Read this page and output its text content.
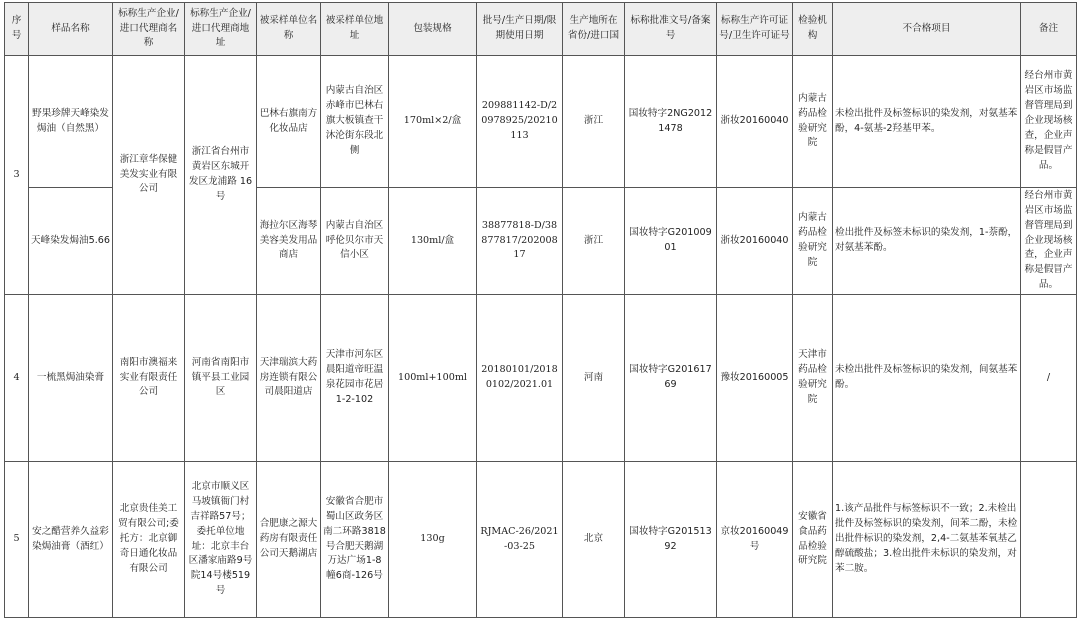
序号	样品名称	标称生产企业/进口代理商名称	标称生产企业/进口代理商地址	被采样单位名称	被采样单位地址	包装规格	批号/生产日期/限期使用日期	生产地所在省份/进口国	标称批准文号/备案号	标称生产许可证号/卫生许可证号	检验机构	不合格项目	备注
3	野果珍牌天峰染发焗油（自然黑）	浙江章华保健美发实业有限公司	浙江省台州市黄岩区东城开发区龙浦路 16 号	巴林右旗南方化妆品店	内蒙古自治区赤峰市巴林右旗大板镇查干沐沦街东段北侧	170ml×2/盒	209881142-D/20978925/20210113	浙江	国妆特字2NG20121478	浙妆20160040	内蒙古药品检验研究院	未检出批件及标签标识的染发剂，对氨基苯酚，4-氨基-2羟基甲苯。	经台州市黄岩区市场监督管理局到企业现场核查，企业声称是假冒产品。
	天峰染发焗油5.66			海拉尔区海琴美容美发用品商店	内蒙古自治区呼伦贝尔市天信小区	130ml/盒	38877818-D/38877817/20200817	浙江	国妆特字G20100901	浙妆20160040	内蒙古药品检验研究院	检出批件及标签未标识的染发剂，1-萘酚，对氨基苯酚。	经台州市黄岩区市场监督管理局到企业现场核查，企业声称是假冒产品。
4	一梳黑焗油染膏	南阳市澳福来实业有限责任公司	河南省南阳市镇平县工业园区	天津瑞滨大药房连锁有限公司晨阳道店	天津市河东区晨阳道帝旺温泉花园市花居1-2-102	100ml+100ml	20180101/20180102/2021.01	河南	国妆特字G20161769	豫妆20160005	天津市药品检验研究院	未检出批件及标签标识的染发剂，间氨基苯酚。	/
5	安之醋营养久益彩染焗油膏（酒红）	北京贵佳美工贸有限公司;委托方：北京御奇日通化妆品有限公司	北京市顺义区马坡镇衙门村吉祥路57号；委托单位地址：北京丰台区潘家庙路9号院14号楼519号	合肥康之源大药房有限责任公司天鹅湖店	安徽省合肥市蜀山区政务区南二环路3818号合肥天鹅湖万达广场1-8幢6商-126号	130g	RJMAC-26/2021-03-25	北京	国妆特字G20151392	京妆20160049号	安徽省食品药品检验研究院	1.该产品批件与标签标识不一致；2.未检出批件及标签标识的染发剂，间苯二酚，未检出批件标识的染发剂，2,4-二氨基苯氧基乙醇硫酸盐；3.检出批件未标识的染发剂，对苯二胺。	
